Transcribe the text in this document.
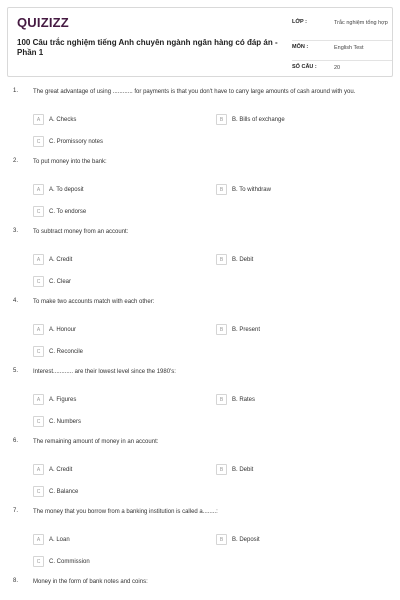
QUIZIZZ
100 Câu trắc nghiệm tiếng Anh chuyên ngành ngân hàng có đáp án - Phần 1
LỚP :	Trắc nghiệm tổng hợp
MÔN :	English Test
SỐ CÂU :	20
1. The great advantage of using ............ for payments is that you don't have to carry large amounts of cash around with you.
A	A. Checks	B	B. Bills of exchange
C	C. Promissory notes
2. To put money into the bank:
A	A. To deposit	B	B. To withdraw
C	C. To endorse
3. To subtract money from an account:
A	A. Credit	B	B. Debit
C	C. Clear
4. To make two accounts match with each other:
A	A. Honour	B	B. Present
C	C. Reconcile
5. Interest............ are their lowest level since the 1980's:
A	A. Figures	B	B. Rates
C	C. Numbers
6. The remaining amount of money in an account:
A	A. Credit	B	B. Debit
C	C. Balance
7. The money that you borrow from a banking institution is called a........:
A	A. Loan	B	B. Deposit
C	C. Commission
8. Money in the form of bank notes and coins:
